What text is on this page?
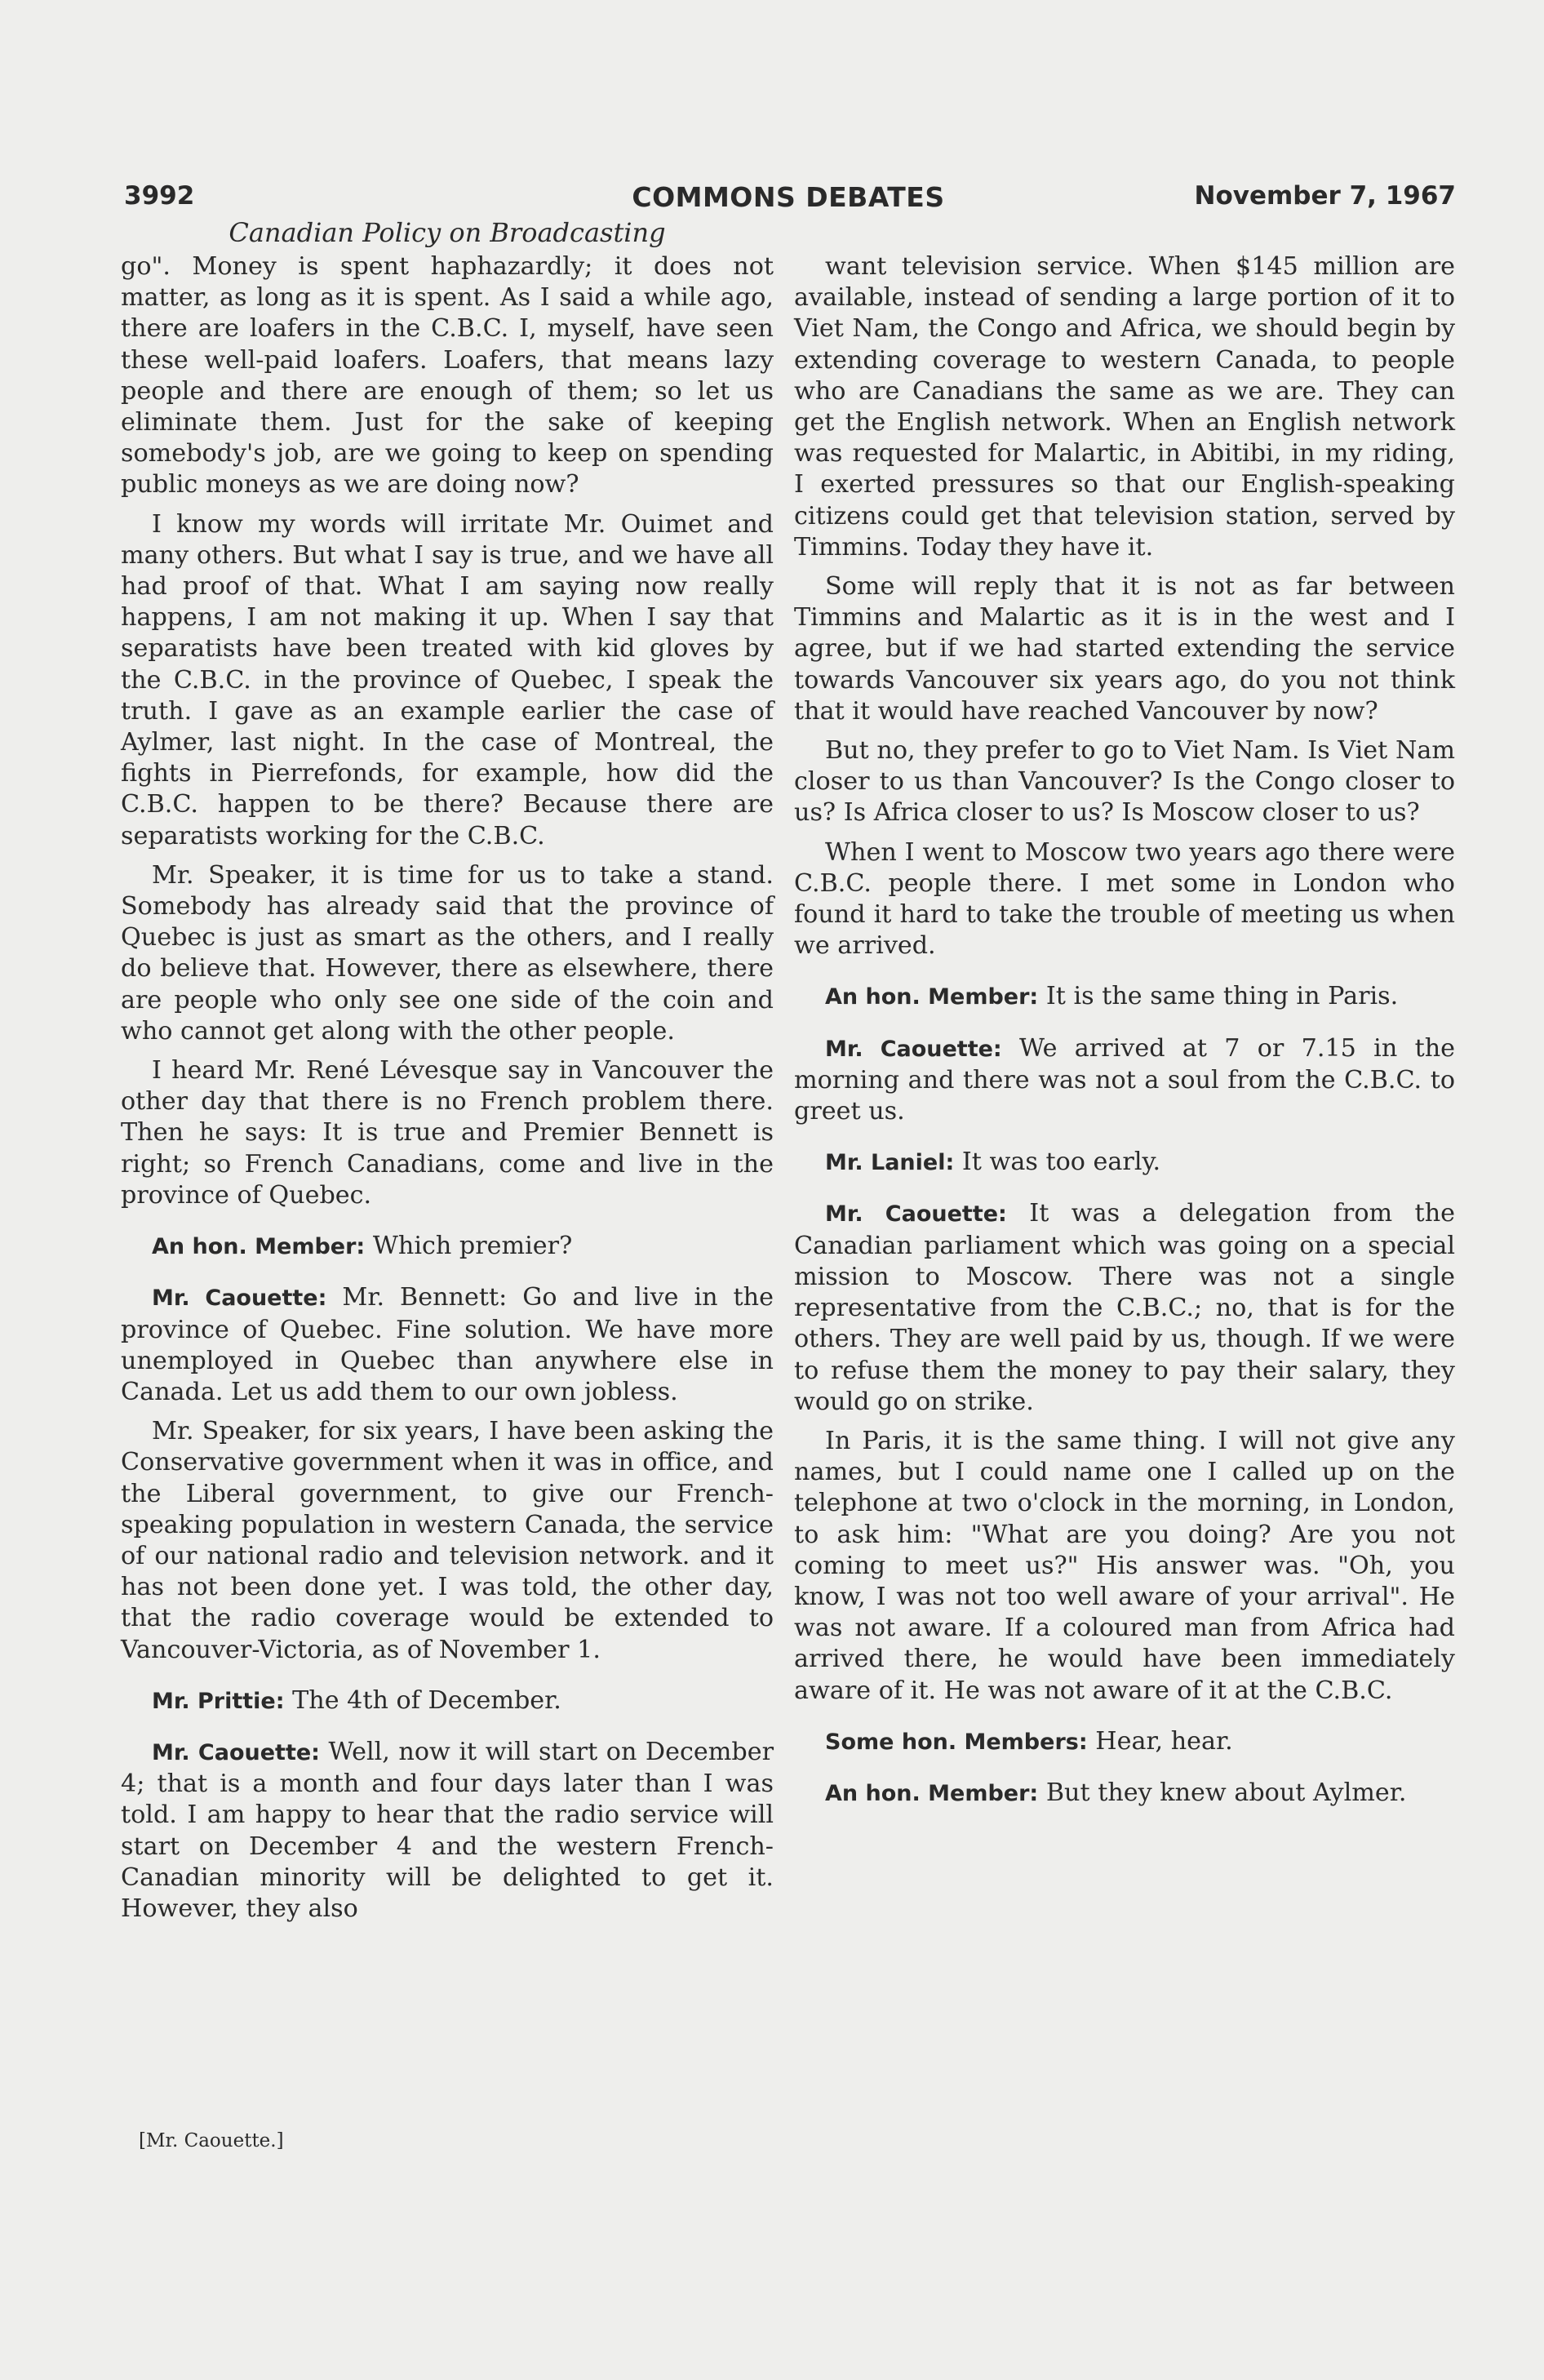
3992	COMMONS DEBATES	November 7, 1967
Canadian Policy on Broadcasting

go". Money is spent haphazardly; it does not matter, as long as it is spent. As I said a while ago, there are loafers in the C.B.C. I, myself, have seen these well-paid loafers. Loafers, that means lazy people and there are enough of them; so let us eliminate them. Just for the sake of keeping somebody's job, are we going to keep on spending public moneys as we are doing now?

I know my words will irritate Mr. Ouimet and many others. But what I say is true, and we have all had proof of that. What I am saying now really happens, I am not making it up. When I say that separatists have been treated with kid gloves by the C.B.C. in the province of Quebec, I speak the truth. I gave as an example earlier the case of Aylmer, last night. In the case of Montreal, the fights in Pierrefonds, for example, how did the C.B.C. happen to be there? Because there are separatists working for the C.B.C.

Mr. Speaker, it is time for us to take a stand. Somebody has already said that the province of Quebec is just as smart as the others, and I really do believe that. However, there as elsewhere, there are people who only see one side of the coin and who cannot get along with the other people.

I heard Mr. René Lévesque say in Vancouver the other day that there is no French problem there. Then he says: It is true and Premier Bennett is right; so French Canadians, come and live in the province of Quebec.

An hon. Member: Which premier?

Mr. Caouette: Mr. Bennett: Go and live in the province of Quebec. Fine solution. We have more unemployed in Quebec than anywhere else in Canada. Let us add them to our own jobless.

Mr. Speaker, for six years, I have been asking the Conservative government when it was in office, and the Liberal government, to give our French-speaking population in western Canada, the service of our national radio and television network. and it has not been done yet. I was told, the other day, that the radio coverage would be extended to Vancouver-Victoria, as of November 1.

Mr. Prittie: The 4th of December.

Mr. Caouette: Well, now it will start on December 4; that is a month and four days later than I was told. I am happy to hear that the radio service will start on December 4 and the western French-Canadian minority will be delighted to get it. However, they also

want television service. When $145 million are available, instead of sending a large portion of it to Viet Nam, the Congo and Africa, we should begin by extending coverage to western Canada, to people who are Canadians the same as we are. They can get the English network. When an English network was requested for Malartic, in Abitibi, in my riding, I exerted pressures so that our English-speaking citizens could get that television station, served by Timmins. Today they have it.

Some will reply that it is not as far between Timmins and Malartic as it is in the west and I agree, but if we had started extending the service towards Vancouver six years ago, do you not think that it would have reached Vancouver by now?

But no, they prefer to go to Viet Nam. Is Viet Nam closer to us than Vancouver? Is the Congo closer to us? Is Africa closer to us? Is Moscow closer to us?

When I went to Moscow two years ago there were C.B.C. people there. I met some in London who found it hard to take the trouble of meeting us when we arrived.

An hon. Member: It is the same thing in Paris.

Mr. Caouette: We arrived at 7 or 7.15 in the morning and there was not a soul from the C.B.C. to greet us.

Mr. Laniel: It was too early.

Mr. Caouette: It was a delegation from the Canadian parliament which was going on a special mission to Moscow. There was not a single representative from the C.B.C.; no, that is for the others. They are well paid by us, though. If we were to refuse them the money to pay their salary, they would go on strike.

In Paris, it is the same thing. I will not give any names, but I could name one I called up on the telephone at two o'clock in the morning, in London, to ask him: "What are you doing? Are you not coming to meet us?" His answer was. "Oh, you know, I was not too well aware of your arrival". He was not aware. If a coloured man from Africa had arrived there, he would have been immediately aware of it. He was not aware of it at the C.B.C.

Some hon. Members: Hear, hear.

An hon. Member: But they knew about Aylmer.

[Mr. Caouette.]
